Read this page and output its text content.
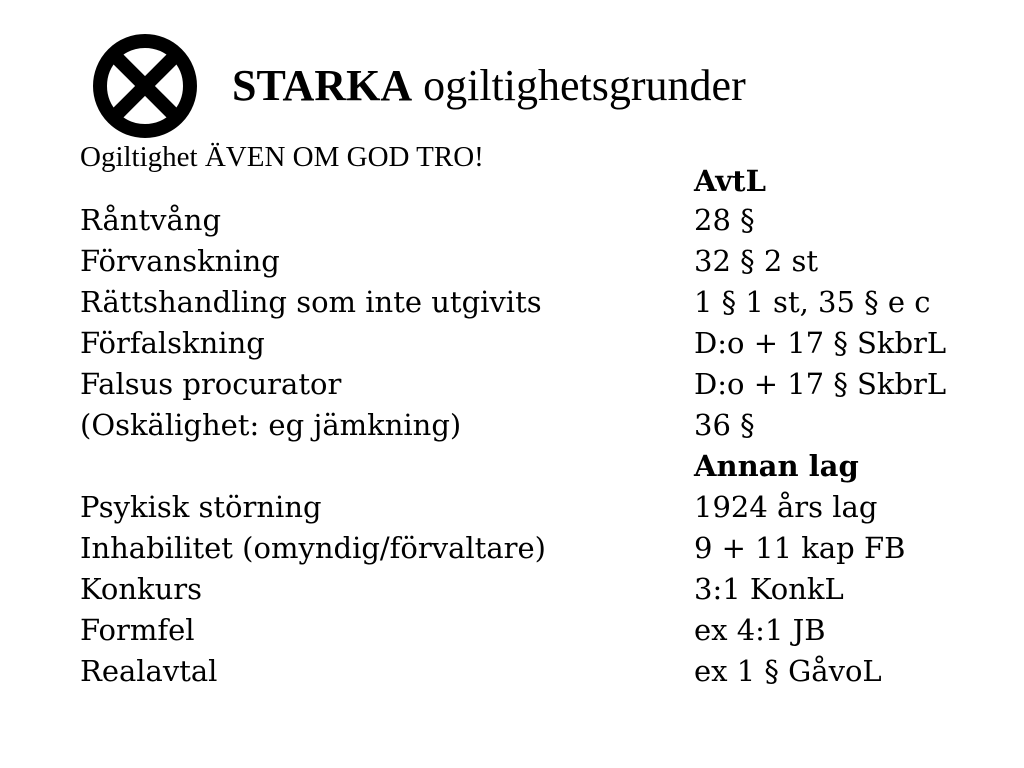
STARKA ogiltighetsgrunder
Ogiltighet ÄVEN OM GOD TRO!
AvtL
Råntvång	28 §
Förvanskning	32 § 2 st
Rättshandling som inte utgivits	1 § 1 st, 35 § e c
Förfalskning	D:o + 17 § SkbrL
Falsus procurator	D:o + 17 § SkbrL
(Oskälighet: eg jämkning)	36 §
Annan lag
Psykisk störning	1924 års lag
Inhabilitet (omyndig/förvaltare)	9 + 11 kap FB
Konkurs	3:1 KonkL
Formfel	ex 4:1 JB
Realavtal	ex 1 § GåvoL
